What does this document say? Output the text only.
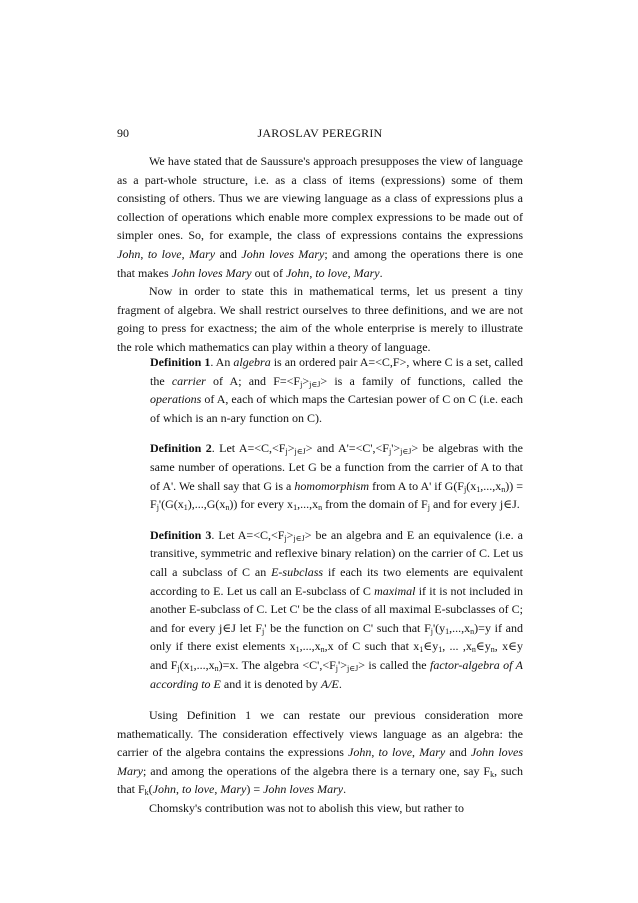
90	JAROSLAV PEREGRIN

We have stated that de Saussure's approach presupposes the view of language as a part-whole structure, i.e. as a class of items (expressions) some of them consisting of others. Thus we are viewing language as a class of expressions plus a collection of operations which enable more complex expressions to be made out of simpler ones. So, for example, the class of expressions contains the expressions John, to love, Mary and John loves Mary; and among the operations there is one that makes John loves Mary out of John, to love, Mary.

Now in order to state this in mathematical terms, let us present a tiny fragment of algebra. We shall restrict ourselves to three definitions, and we are not going to press for exactness; the aim of the whole enterprise is merely to illustrate the role which mathematics can play within a theory of language.

Definition 1. An algebra is an ordered pair A=<C,F>, where C is a set, called the carrier of A; and $F=<F_j>_{j\in J}>$ is a family of functions, called the operations of A, each of which maps the Cartesian power of C on C (i.e. each of which is an n-ary function on C).

Definition 2. Let $A=<C,<F_j>_{j\in J}>$ and $A'=<C',<F_j'>_{j\in J}>$ be algebras with the same number of operations. Let G be a function from the carrier of A to that of A'. We shall say that G is a homomorphism from A to A' if $G(F_j(x_1,...,x_n)) = F_j'(G(x_1),...,G(x_n))$ for every $x_1,...,x_n$ from the domain of $F_j$ and for every j∈J.

Definition 3. Let $A=<C,<F_j>_{j\in J}>$ be an algebra and E an equivalence (i.e. a transitive, symmetric and reflexive binary relation) on the carrier of C. Let us call a subclass of C an E-subclass if each its two elements are equivalent according to E. Let us call an E-subclass of C maximal if it is not included in another E-subclass of C. Let C' be the class of all maximal E-subclasses of C; and for every j∈J let $F_j'$ be the function on C' such that $F_j'(y_1,...,x_n)=y$ if and only if there exist elements $x_1,...,x_n,x$ of C such that $x_1\in y_1$, ... $,x_n\in y_n$, x∈y and $F_j(x_1,...,x_n)=x$. The algebra $<C',<F_j'>_{j\in J}>$ is called the factor-algebra of A according to E and it is denoted by A/E.

Using Definition 1 we can restate our previous consideration more mathematically. The consideration effectively views language as an algebra: the carrier of the algebra contains the expressions John, to love, Mary and John loves Mary; and among the operations of the algebra there is a ternary one, say $F_k$, such that $F_k(John$, to love, Mary) = John loves Mary.

Chomsky's contribution was not to abolish this view, but rather to
